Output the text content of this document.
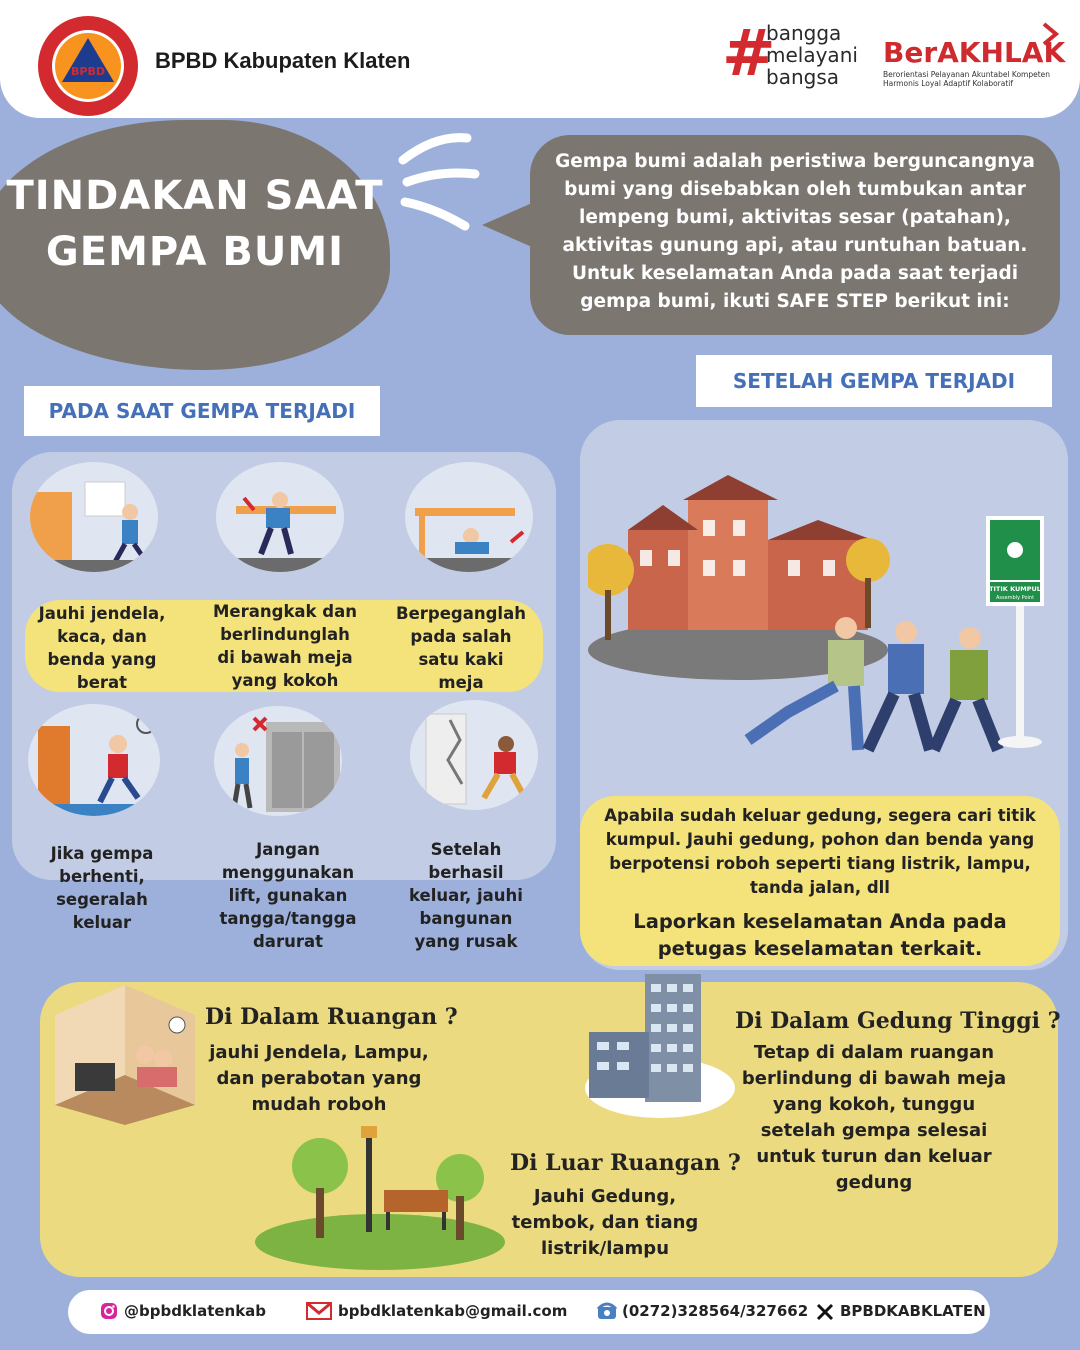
BPBD BPBD Kabupaten Klaten	#
bangga
melayani
bangsa
BerAKHLAK
Berorientasi Pelayanan Akuntabel Kompeten Harmonis Loyal Adaptif Kolaboratif
TINDAKAN SAAT
GEMPA BUMI
Gempa bumi adalah peristiwa berguncangnya bumi yang disebabkan oleh tumbukan antar lempeng bumi, aktivitas sesar (patahan), aktivitas gunung api, atau runtuhan batuan. Untuk keselamatan Anda pada saat terjadi gempa bumi, ikuti SAFE STEP berikut ini:
PADA SAAT GEMPA TERJADI
SETELAH GEMPA TERJADI
Jauhi jendela, kaca, dan benda yang berat
Merangkak dan berlindunglah di bawah meja yang kokoh
Berpeganglah pada salah satu kaki meja
Jika gempa berhenti, segeralah keluar
Jangan menggunakan lift, gunakan tangga/tangga darurat
Setelah berhasil keluar, jauhi bangunan yang rusak
TITIK KUMPUL
Assembly Point
Apabila sudah keluar gedung, segera cari titik kumpul. Jauhi gedung, pohon dan benda yang berpotensi roboh seperti tiang listrik, lampu, tanda jalan, dll
Laporkan keselamatan Anda pada petugas keselamatan terkait.
Di Dalam Ruangan ?
jauhi Jendela, Lampu, dan perabotan yang mudah roboh
Di Dalam Gedung Tinggi ?
Tetap di dalam ruangan berlindung di bawah meja yang kokoh, tunggu setelah gempa selesai untuk turun dan keluar gedung
Di Luar Ruangan ?
Jauhi Gedung, tembok, dan tiang listrik/lampu
@bpbdklatenkab	bpbdklatenkab@gmail.com	(0272)328564/327662 BPBDKABKLATEN
